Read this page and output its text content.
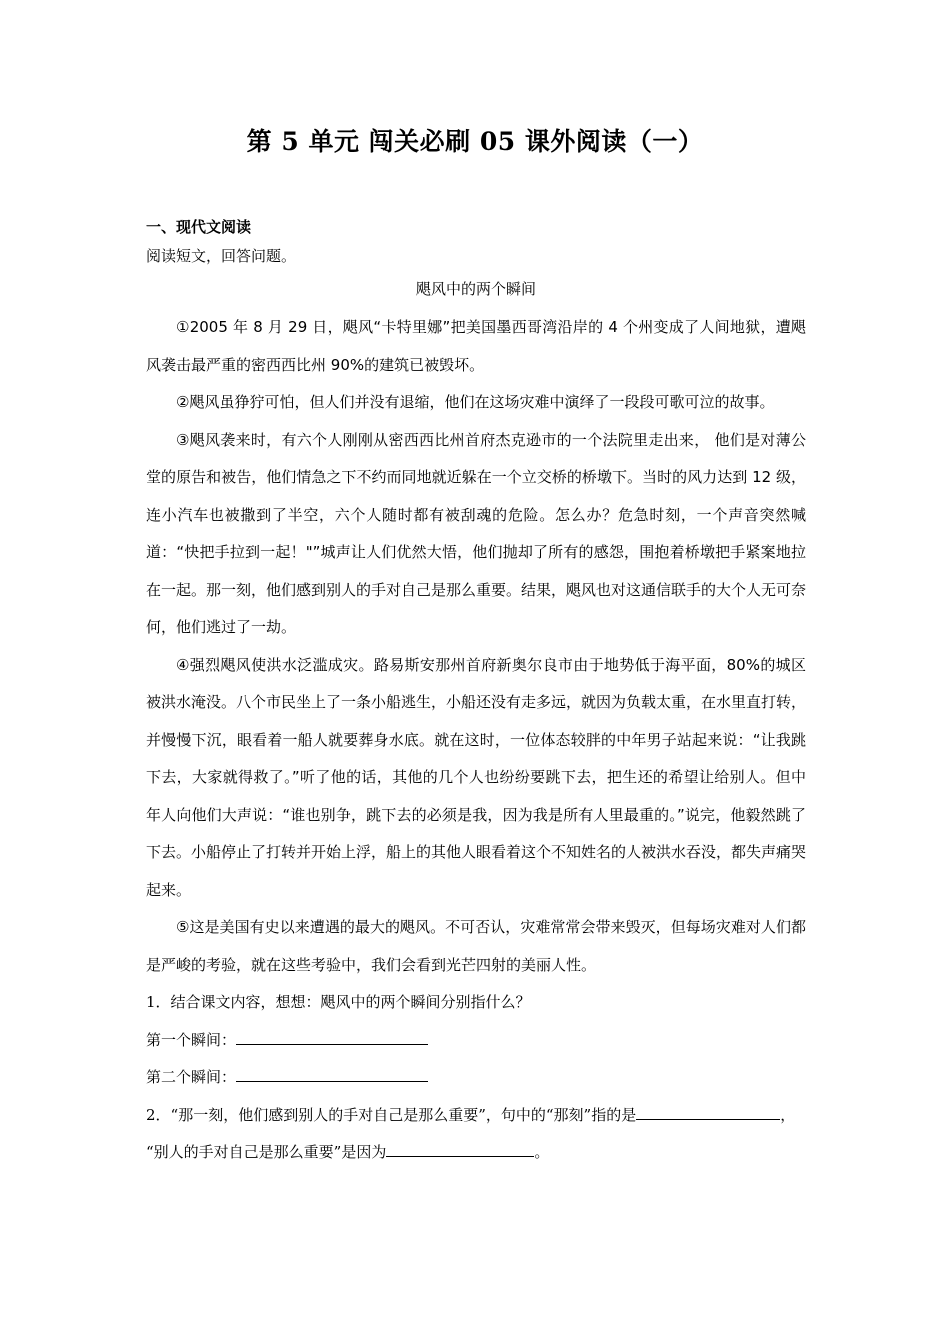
第 5 单元 闯关必刷 05 课外阅读（一）
一、现代文阅读
阅读短文，回答问题。
飓风中的两个瞬间
①2005 年 8 月 29 日，飓风“卡特里娜”把美国墨西哥湾沿岸的 4 个州变成了人间地狱，遭飓风袭击最严重的密西西比州 90%的建筑已被毁坏。
②飓风虽狰狞可怕，但人们并没有退缩，他们在这场灾难中演绎了一段段可歌可泣的故事。
③飓风袭来时，有六个人刚刚从密西西比州首府杰克逊市的一个法院里走出来， 他们是对薄公堂的原告和被告，他们情急之下不约而同地就近躲在一个立交桥的桥墩下。当时的风力达到 12 级，连小汽车也被撒到了半空，六个人随时都有被刮魂的危险。怎么办？危急时刻，一个声音突然喊道：“快把手拉到一起！"”城声让人们优然大悟，他们抛却了所有的感怨，围抱着桥墩把手紧案地拉在一起。那一刻，他们感到别人的手对自己是那么重要。结果，飓风也对这通信联手的大个人无可奈何，他们逃过了一劫。
④强烈飓风使洪水泛滥成灾。路易斯安那州首府新奥尔良市由于地势低于海平面，80%的城区被洪水淹没。八个市民坐上了一条小船逃生，小船还没有走多远，就因为负载太重，在水里直打转，并慢慢下沉，眼看着一船人就要葬身水底。就在这时，一位体态较胖的中年男子站起来说：“让我跳下去，大家就得救了。”听了他的话，其他的几个人也纷纷要跳下去，把生还的希望让给别人。但中年人向他们大声说：“谁也别争，跳下去的必须是我，因为我是所有人里最重的。”说完，他毅然跳了下去。小船停止了打转并开始上浮，船上的其他人眼看着这个不知姓名的人被洪水吞没，都失声痛哭起来。
⑤这是美国有史以来遭遇的最大的飓风。不可否认，灾难常常会带来毁灭，但每场灾难对人们都是严峻的考验，就在这些考验中，我们会看到光芒四射的美丽人性。
1．结合课文内容，想想：飓风中的两个瞬间分别指什么？
第一个瞬间：
第二个瞬间：
2．“那一刻，他们感到别人的手对自己是那么重要”，句中的“那刻”指的是	，
“别人的手对自己是那么重要”是因为	。
